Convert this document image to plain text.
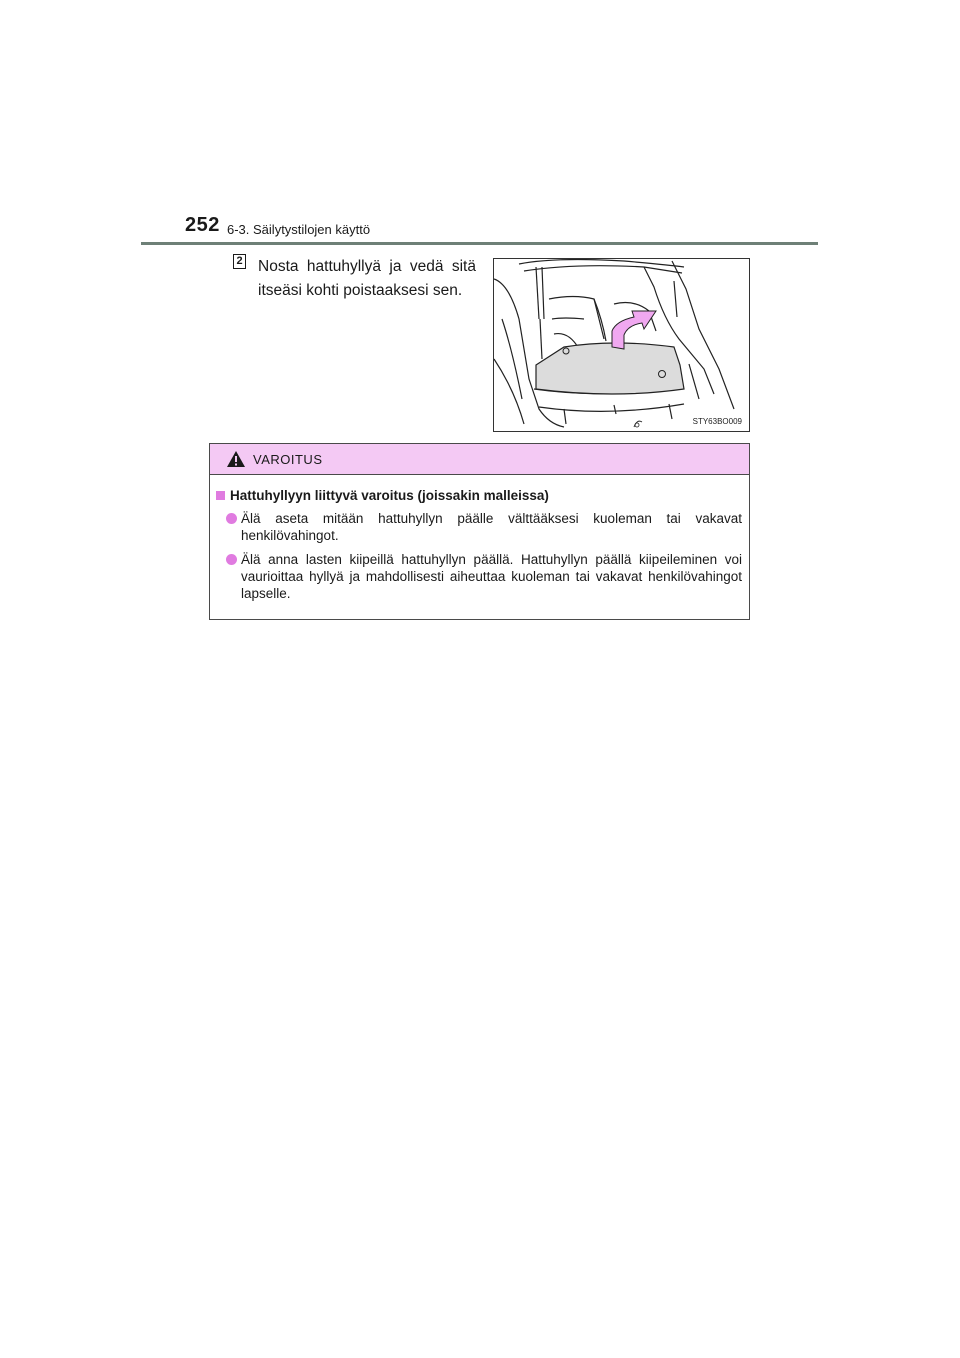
252 6-3. Säilytystilojen käyttö
2 Nosta hattuhyllyä ja vedä sitä itseäsi kohti poistaaksesi sen.
STY63BO009
VAROITUS
Hattuhyllyyn liittyvä varoitus (joissakin malleissa)
Älä aseta mitään hattuhyllyn päälle välttääksesi kuoleman tai vakavat henkilövahingot.
Älä anna lasten kiipeillä hattuhyllyn päällä. Hattuhyllyn päällä kiipeileminen voi vaurioittaa hyllyä ja mahdollisesti aiheuttaa kuoleman tai vakavat henkilövahingot lapselle.
